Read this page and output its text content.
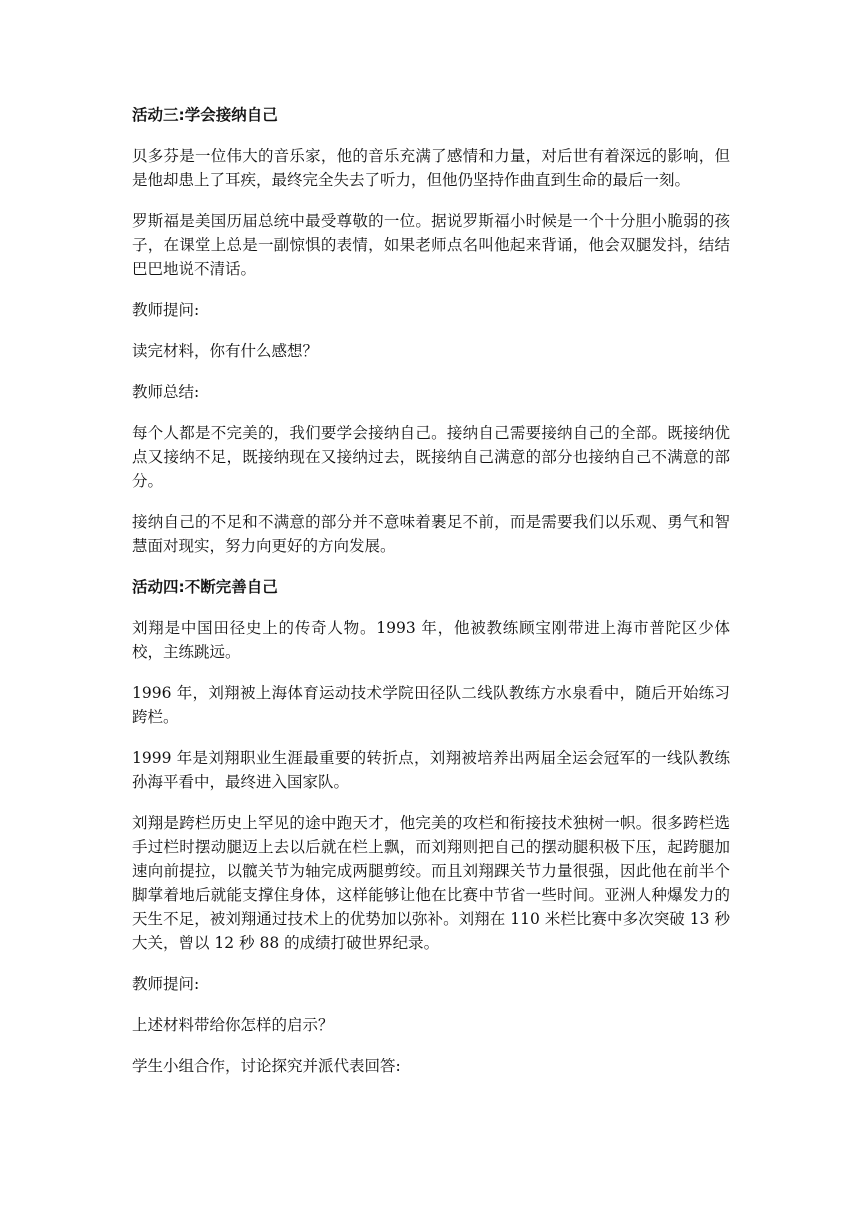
活动三:学会接纳自己

贝多芬是一位伟大的音乐家，他的音乐充满了感情和力量，对后世有着深远的影响，但是他却患上了耳疾，最终完全失去了听力，但他仍坚持作曲直到生命的最后一刻。

罗斯福是美国历届总统中最受尊敬的一位。据说罗斯福小时候是一个十分胆小脆弱的孩子，在课堂上总是一副惊惧的表情，如果老师点名叫他起来背诵，他会双腿发抖，结结巴巴地说不清话。

教师提问:

读完材料，你有什么感想？

教师总结:

每个人都是不完美的，我们要学会接纳自己。接纳自己需要接纳自己的全部。既接纳优点又接纳不足，既接纳现在又接纳过去，既接纳自己满意的部分也接纳自己不满意的部分。

接纳自己的不足和不满意的部分并不意味着裹足不前，而是需要我们以乐观、勇气和智慧面对现实，努力向更好的方向发展。

活动四:不断完善自己

刘翔是中国田径史上的传奇人物。1993 年，他被教练顾宝刚带进上海市普陀区少体校，主练跳远。

1996 年，刘翔被上海体育运动技术学院田径队二线队教练方水泉看中，随后开始练习跨栏。

1999 年是刘翔职业生涯最重要的转折点，刘翔被培养出两届全运会冠军的一线队教练孙海平看中，最终进入国家队。

刘翔是跨栏历史上罕见的途中跑天才，他完美的攻栏和衔接技术独树一帜。很多跨栏选手过栏时摆动腿迈上去以后就在栏上飘，而刘翔则把自己的摆动腿积极下压，起跨腿加速向前提拉，以髋关节为轴完成两腿剪绞。而且刘翔踝关节力量很强，因此他在前半个脚掌着地后就能支撑住身体，这样能够让他在比赛中节省一些时间。亚洲人种爆发力的天生不足，被刘翔通过技术上的优势加以弥补。刘翔在 110 米栏比赛中多次突破 13 秒大关，曾以 12 秒 88 的成绩打破世界纪录。

教师提问:

上述材料带给你怎样的启示？

学生小组合作，讨论探究并派代表回答:
